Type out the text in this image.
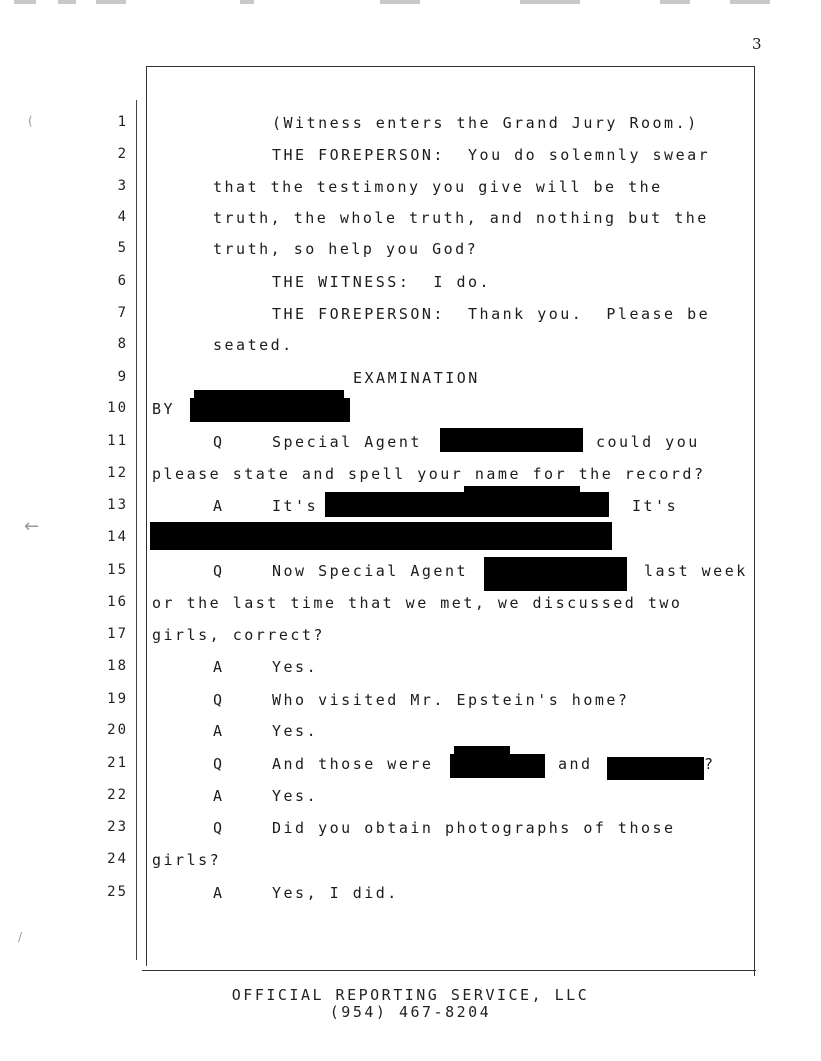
3
(
←
/
1
2
3
4
5
6
7
8
9
10
11
12
13
14
15
16
17
18
19
20
21
22
23
24
25
(Witness enters the Grand Jury Room.)
THE FOREPERSON:  You do solemnly swear
that the testimony you give will be the
truth, the whole truth, and nothing but the
truth, so help you God?
THE WITNESS:  I do.
THE FOREPERSON:  Thank you.  Please be
seated.
EXAMINATION
BY
Q	Special Agent	could you
please state and spell your name for the record?
A	It's	It's
Q	Now Special Agent	last week
or the last time that we met, we discussed two
girls, correct?
A	Yes.
Q	Who visited Mr. Epstein's home?
A	Yes.
Q	And those were	and	?
A	Yes.
Q	Did you obtain photographs of those
girls?
A	Yes, I did.
OFFICIAL REPORTING SERVICE, LLC
(954) 467-8204
